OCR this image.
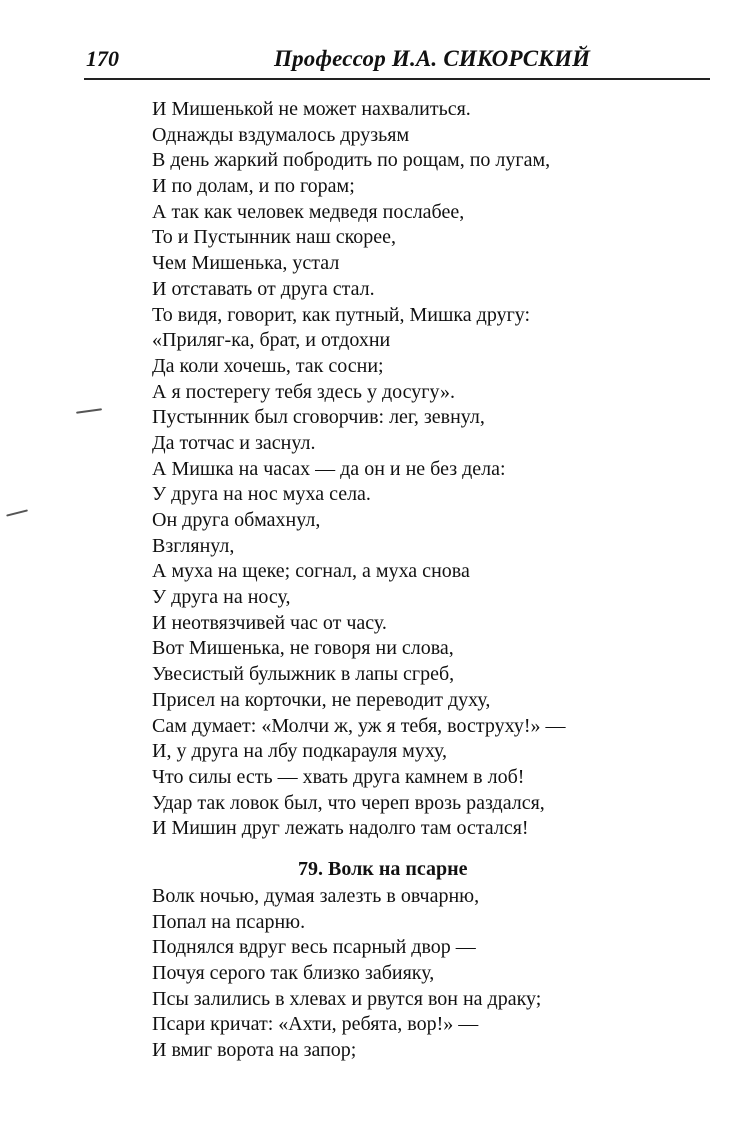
170	Профессор И.А. СИКОРСКИЙ
И Мишенькой не может нахвалиться.
Однажды вздумалось друзьям
В день жаркий побродить по рощам, по лугам,
И по долам, и по горам;
А так как человек медведя послабее,
То и Пустынник наш скорее,
Чем Мишенька, устал
И отставать от друга стал.
То видя, говорит, как путный, Мишка другу:
«Приляг-ка, брат, и отдохни
Да коли хочешь, так сосни;
А я постерегу тебя здесь у досугу».
Пустынник был сговорчив: лег, зевнул,
Да тотчас и заснул.
А Мишка на часах — да он и не без дела:
У друга на нос муха села.
Он друга обмахнул,
Взглянул,
А муха на щеке; согнал, а муха снова
У друга на носу,
И неотвязчивей час от часу.
Вот Мишенька, не говоря ни слова,
Увесистый булыжник в лапы сгреб,
Присел на корточки, не переводит духу,
Сам думает: «Молчи ж, уж я тебя, воструху!» —
И, у друга на лбу подкарауля муху,
Что силы есть — хвать друга камнем в лоб!
Удар так ловок был, что череп врозь раздался,
И Мишин друг лежать надолго там остался!
79. Волк на псарне
Волк ночью, думая залезть в овчарню,
Попал на псарню.
Поднялся вдруг весь псарный двор —
Почуя серого так близко забияку,
Псы залились в хлевах и рвутся вон на драку;
Псари кричат: «Ахти, ребята, вор!» —
И вмиг ворота на запор;
